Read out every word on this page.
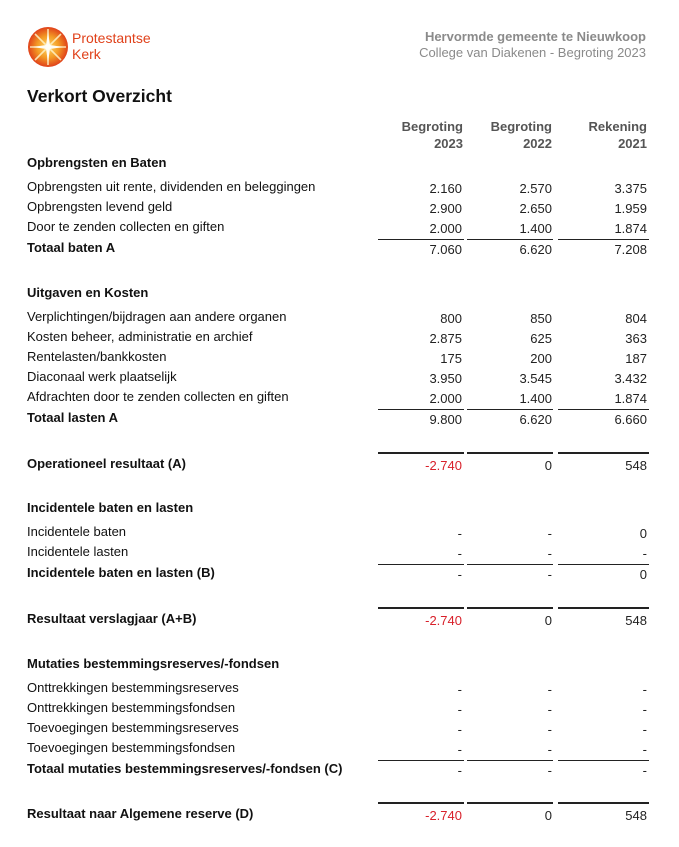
Protestantse
Kerk
Hervormde gemeente te Nieuwkoop
College van Diakenen - Begroting 2023
Verkort Overzicht
Begroting
2023
Begroting
2022
Rekening
2021
Opbrengsten en Baten
Opbrengsten uit rente, dividenden en beleggingen	2.160	2.570	3.375
Opbrengsten levend geld	2.900	2.650	1.959
Door te zenden collecten en giften	2.000	1.400	1.874
Totaal baten A	7.060	6.620	7.208
Uitgaven en Kosten
Verplichtingen/bijdragen aan andere organen	800	850	804
Kosten beheer, administratie en archief	2.875	625	363
Rentelasten/bankkosten	175	200	187
Diaconaal werk plaatselijk	3.950	3.545	3.432
Afdrachten door te zenden collecten en giften	2.000	1.400	1.874
Totaal lasten A	9.800	6.620	6.660
Operationeel resultaat (A)	-2.740	0	548
Incidentele baten en lasten
Incidentele baten	-	-	0
Incidentele lasten	-	-	-
Incidentele baten en lasten (B)	-	-	0
Resultaat verslagjaar (A+B)	-2.740	0	548
Mutaties bestemmingsreserves/-fondsen
Onttrekkingen bestemmingsreserves	-	-	-
Onttrekkingen bestemmingsfondsen	-	-	-
Toevoegingen bestemmingsreserves	-	-	-
Toevoegingen bestemmingsfondsen	-	-	-
Totaal mutaties bestemmingsreserves/-fondsen (C)	-	-	-
Resultaat naar Algemene reserve (D)	-2.740	0	548
